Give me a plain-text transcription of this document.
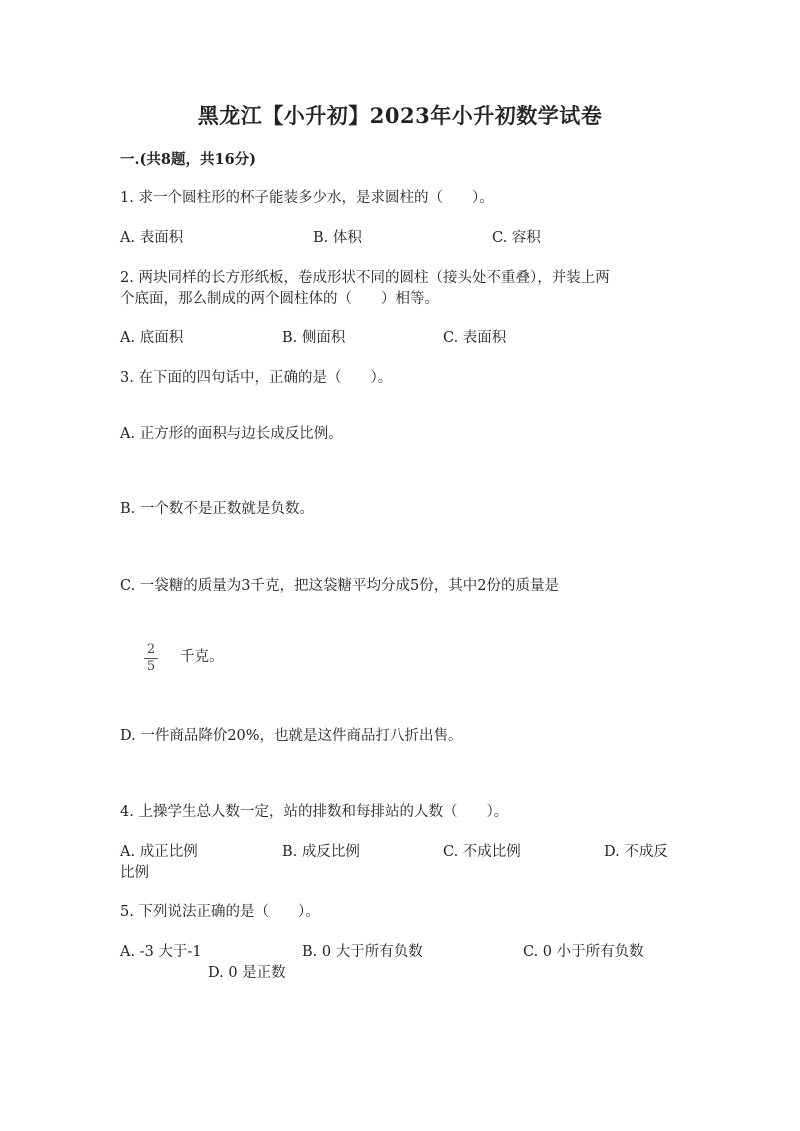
黑龙江【小升初】2023年小升初数学试卷
一.(共8题，共16分)
1. 求一个圆柱形的杯子能装多少水，是求圆柱的（　　）。
A. 表面积	B. 体积	C. 容积
2. 两块同样的长方形纸板，卷成形状不同的圆柱（接头处不重叠），并装上两
个底面，那么制成的两个圆柱体的（　　）相等。
A. 底面积	B. 侧面积	C. 表面积
3. 在下面的四句话中，正确的是（　　）。
A. 正方形的面积与边长成反比例。
B. 一个数不是正数就是负数。
C. 一袋糖的质量为3千克，把这袋糖平均分成5份，其中2份的质量是
2
5
千克。
D. 一件商品降价20%，也就是这件商品打八折出售。
4. 上操学生总人数一定，站的排数和每排站的人数（　　）。
A. 成正比例	B. 成反比例	C. 不成比例	D. 不成反
比例
5. 下列说法正确的是（　　）。
A. -3 大于-1	B. 0 大于所有负数	C. 0 小于所有负数
D. 0 是正数
